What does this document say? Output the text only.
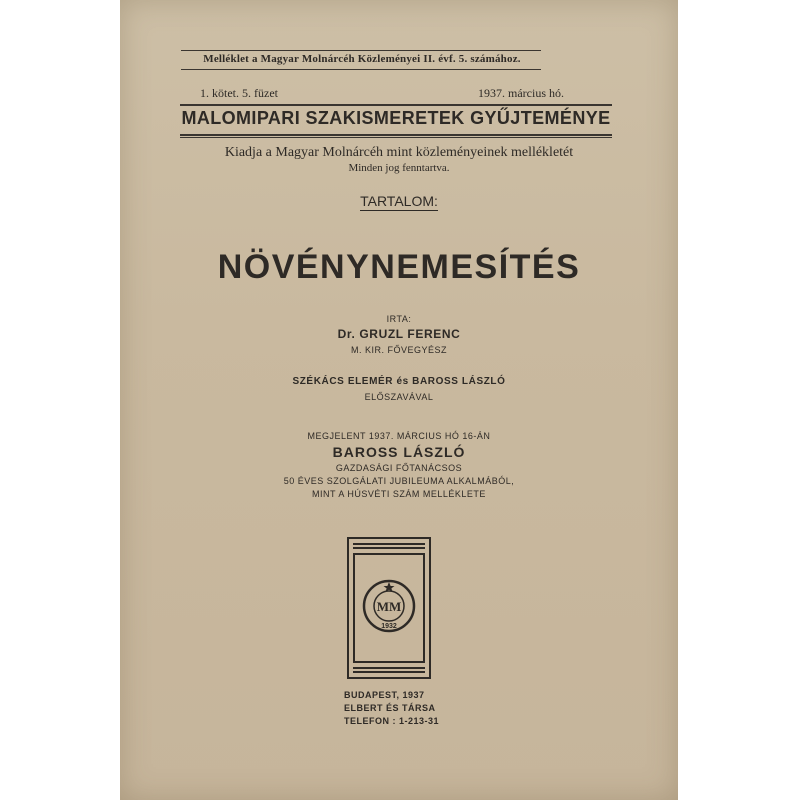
Melléklet a Magyar Molnárcéh Közleményei II. évf. 5. számához.
1. kötet. 5. füzet	1937. március hó.
MALOMIPARI SZAKISMERETEK GYŰJTEMÉNYE
Kiadja a Magyar Molnárcéh mint közleményeinek mellékletét
Minden jog fenntartva.
TARTALOM:
NÖVÉNYNEMESÍTÉS
IRTA:
Dr. GRUZL FERENC
M. KIR. FŐVEGYÉSZ
SZÉKÁCS ELEMÉR és BAROSS LÁSZLÓ
ELŐSZAVÁVAL
MEGJELENT 1937. MÁRCIUS HÓ 16-ÁN
BAROSS LÁSZLÓ
GAZDASÁGI FŐTANÁCSOS
50 ÉVES SZOLGÁLATI JUBILEUMA ALKALMÁBÓL,
MINT A HÚSVÉTI SZÁM MELLÉKLETE
MM
1932
BUDAPEST, 1937
ELBERT ÉS TÁRSA
TELEFON : 1-213-31
